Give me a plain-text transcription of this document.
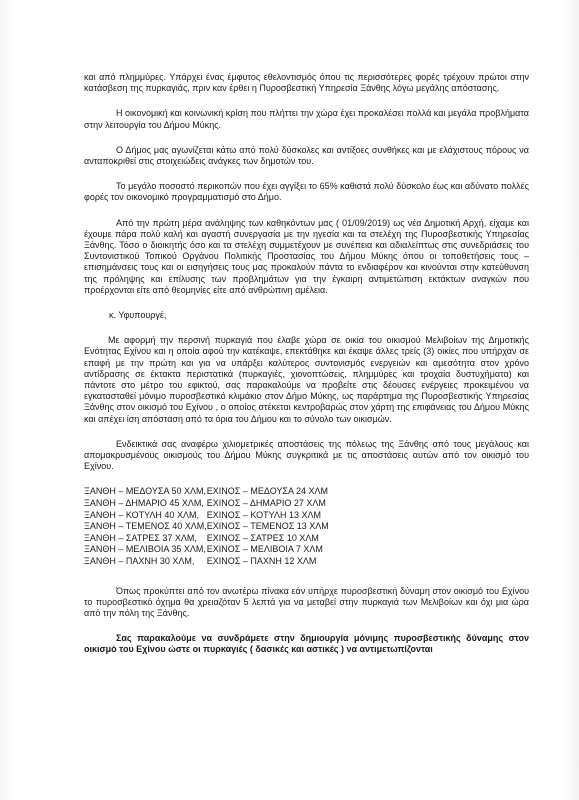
και από πλημμύρες. Υπάρχει ένας έμφυτος εθελοντισμός όπου τις περισσότερες φορές τρέχουν πρώτοι στην κατάσβεση της πυρκαγιάς, πριν καν έρθει η Πυροσβεστική Υπηρεσία Ξάνθης λόγω μεγάλης απόστασης.

Η οικονομική και κοινωνική κρίση που πλήττει την χώρα έχει προκαλέσει πολλά και μεγάλα προβλήματα στην λειτουργία του Δήμου Μύκης.

Ο Δήμος μας αγωνίζεται κάτω από πολύ δύσκολες και αντίξοες συνθήκες και με ελάχιστους πόρους να ανταποκριθεί στις στοιχειώδεις ανάγκες των δημοτών του.

Το μεγάλο ποσοστό περικοπών που έχει αγγίξει το 65% καθιστά πολύ δύσκολο έως και αδύνατο πολλές φορές τον οικονομικό προγραμματισμό στο Δήμο.

Από την πρώτη μέρα ανάληψης των καθηκόντων μας ( 01/09/2019) ως νέα Δημοτική Αρχή, είχαμε και έχουμε πάρα πολύ καλή και αγαστή συνεργασία με την ηγεσία και τα στελέχη της Πυροσβεστικής Υπηρεσίας Ξάνθης. Τόσο ο διοικητής όσο και τα στελέχη συμμετέχουν με συνέπεια και αδιαλείπτως στις συνεδριάσεις του Συντονιστικού Τοπικού Οργάνου Πολιτικής Προστασίας του Δήμου Μύκης όπου οι τοποθετήσεις τους – επισημάνσεις τους και οι εισηγήσεις τους μας προκαλούν πάντα το ενδιαφέρον και κινούνται στην κατεύθυνση της πρόληψης και επίλυσης των προβλημάτων για την έγκαιρη αντιμετώπιση εκτάκτων αναγκών που προέρχονται είτε από θεομηνίες είτε από ανθρώπινη αμέλεια.

κ. Υφυπουργέ,

Με αφορμή την περσινή πυρκαγιά που έλαβε χώρα σε οικία του οικισμού Μελιβοίων της Δημοτικής Ενότητας Εχίνου και η οποία αφού την κατέκαψε, επεκτάθηκε και έκαψε άλλες τρείς (3) οικίες που υπήρχαν σε επαφή με την πρώτη και για να υπάρξει καλύτερος συντονισμός ενεργειών και αμεσότητα στον χρόνο αντίδρασης σε έκτακτα περιστατικά (πυρκαγιές, χιονοπτώσεις, πλημμύρες και τροχαία δυστυχήματα) και πάντοτε στο μέτρο του εφικτού, σας παρακαλούμε να προβείτε στις δέουσες ενέργειες προκειμένου να εγκατασταθεί μόνιμο πυροσβεστικό κλιμάκιο στον Δήμο Μύκης, ως παράρτημα της Πυροσβεστικής Υπηρεσίας Ξάνθης στον οικισμό του Εχίνου , ο οποίος στέκεται κεντροβαρώς στον χάρτη της επιφάνειας του Δήμου Μύκης και απέχει ίση απόσταση από τα όρια του Δήμου και το σύνολο των οικισμών.

Ενδεικτικά σας αναφέρω χιλιομετρικές αποστάσεις της πόλεως της Ξάνθης από τους μεγάλους και απομακρυσμένους οικισμούς του Δήμου Μύκης συγκριτικά με τις αποστάσεις αυτών από τον οικισμό του Εχίνου.

ΞΑΝΘΗ – ΜΕΔΟΥΣΑ 50 ΧΛΜ,	ΕΧΙΝΟΣ – ΜΕΔΟΥΣΑ 24 ΧΛΜ
ΞΑΝΘΗ – ΔΗΜΑΡΙΟ 45 ΧΛΜ,	ΕΧΙΝΟΣ – ΔΗΜΑΡΙΟ 27 ΧΛΜ
ΞΑΝΘΗ – ΚΟΤΥΛΗ 40 ΧΛΜ,	ΕΧΙΝΟΣ – ΚΟΤΥΛΗ 13 ΧΛΜ
ΞΑΝΘΗ – ΤΕΜΕΝΟΣ 40 ΧΛΜ,	ΕΧΙΝΟΣ – ΤΕΜΕΝΟΣ 13 ΧΛΜ
ΞΑΝΘΗ – ΣΑΤΡΕΣ 37 ΧΛΜ,	ΕΧΙΝΟΣ – ΣΑΤΡΕΣ 10 ΧΛΜ
ΞΑΝΘΗ – ΜΕΛΙΒΟΙΑ 35 ΧΛΜ,	ΕΧΙΝΟΣ – ΜΕΛΙΒΟΙΑ 7 ΧΛΜ
ΞΑΝΘΗ – ΠΑΧΝΗ 30 ΧΛΜ,	ΕΧΙΝΟΣ – ΠΑΧΝΗ 12 ΧΛΜ

Όπως προκύπτει από τον ανωτέρω πίνακα εάν υπήρχε πυροσβεστική δύναμη στον οικισμό του Εχίνου το πυροσβεστικό όχημα θα χρειαζόταν 5 λεπτά για να μεταβεί στην πυρκαγιά των Μελιβοίων και όχι μια ώρα από την πόλη της Ξάνθης.

Σας παρακαλούμε να συνδράμετε στην δημιουργία μόνιμης πυροσβεστικής δύναμης στον οικισμό του Εχίνου ώστε οι πυρκαγιές ( δασικές και αστικές ) να αντιμετωπίζονται
